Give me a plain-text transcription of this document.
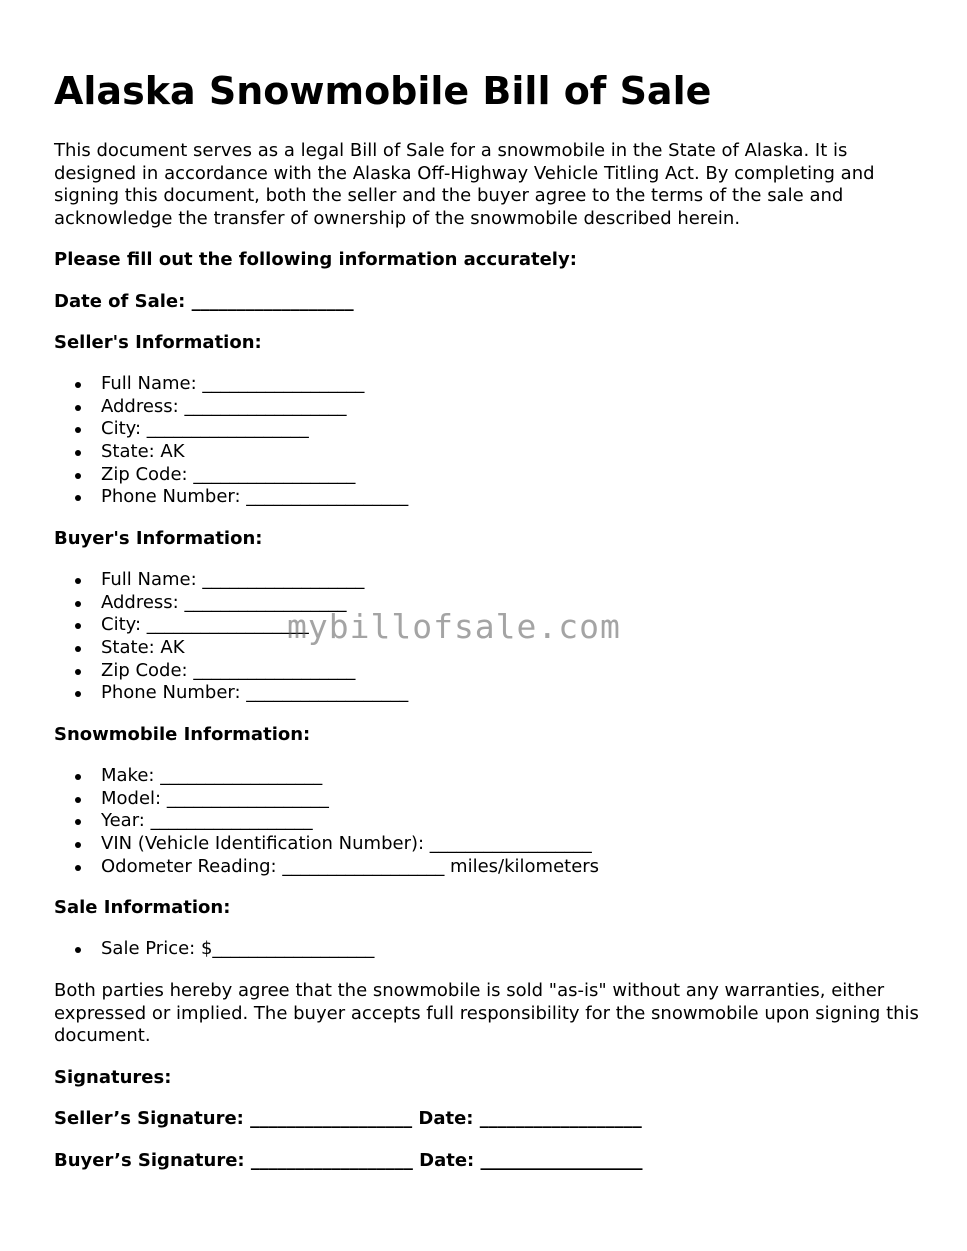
Alaska Snowmobile Bill of Sale

This document serves as a legal Bill of Sale for a snowmobile in the State of Alaska. It is designed in accordance with the Alaska Off-Highway Vehicle Titling Act. By completing and signing this document, both the seller and the buyer agree to the terms of the sale and acknowledge the transfer of ownership of the snowmobile described herein.

Please fill out the following information accurately:

Date of Sale: __________________

Seller's Information:

Full Name: __________________
Address: __________________
City: __________________
State: AK
Zip Code: __________________
Phone Number: __________________

Buyer's Information:

Full Name: __________________
Address: __________________
City: __________________
State: AK
Zip Code: __________________
Phone Number: __________________

Snowmobile Information:

Make: __________________
Model: __________________
Year: __________________
VIN (Vehicle Identification Number): __________________
Odometer Reading: __________________ miles/kilometers

Sale Information:

Sale Price: $__________________

Both parties hereby agree that the snowmobile is sold "as-is" without any warranties, either expressed or implied. The buyer accepts full responsibility for the snowmobile upon signing this document.

Signatures:

Seller’s Signature: __________________ Date: __________________

Buyer’s Signature: __________________ Date: __________________

mybillofsale.com
